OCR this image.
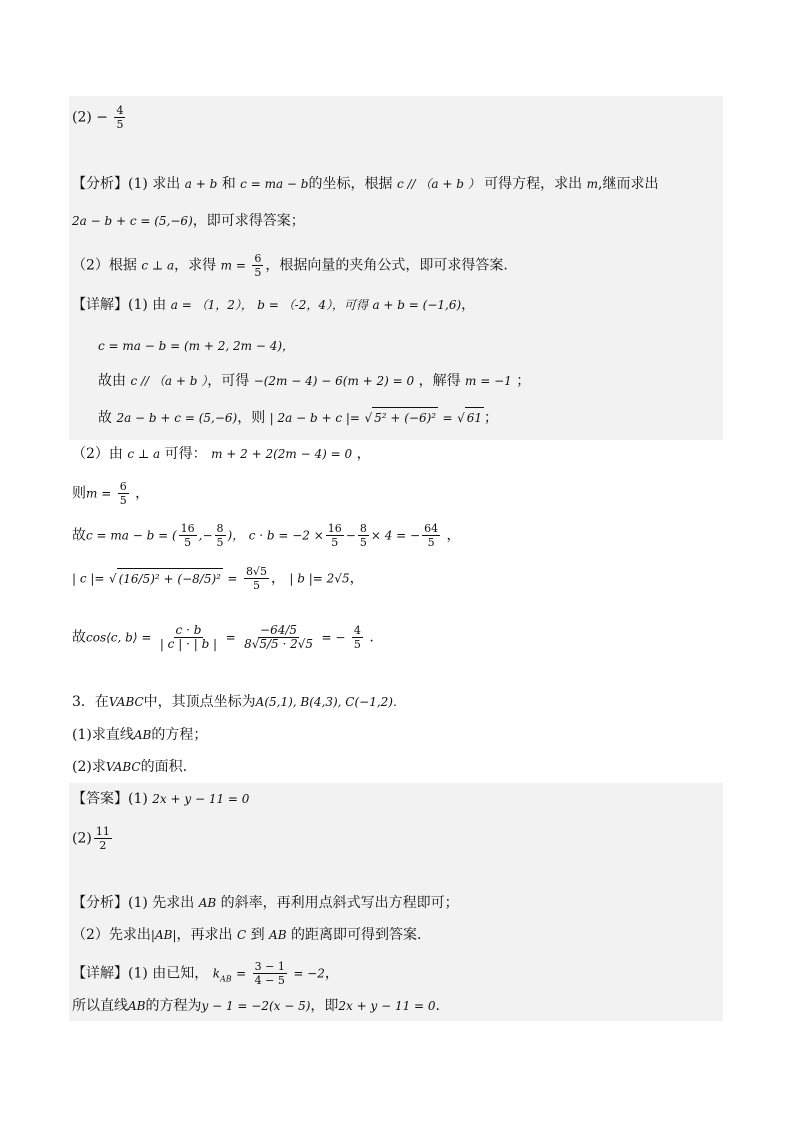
$(2) - \frac{4}{5}$
【分析】(1) 求出 a + b 和 c = ma − b的坐标，根据 c // （a + b ） 可得方程，求出 m,继而求出
2a − b + c = (5,−6)，即可求得答案；
（2）根据 c ⊥ a，求得 $m = \frac{6}{5}$ ，根据向量的夹角公式，即可求得答案.
【详解】(1) 由 a = （1，2）， b = （-2，4），可得 a + b = (−1,6)，
c = ma − b = (m + 2, 2m − 4)，
故由 c // （a + b ），可得 −(2m − 4) − 6(m + 2) = 0 ，解得 m = −1 ；
故 2a − b + c = (5,−6)，则 | 2a − b + c |= √ 5² + (−6)² = √ 61 ；
（2）由 c ⊥ a 可得： m + 2 + 2(2m − 4) = 0 ，
则$m = \frac{6}{5}$ ，
故c = ma − b = ( $\frac{16}{5}$ ,− $\frac{8}{5}$ )， $c \cdot b = -2 \times \frac{16}{5} - \frac{8}{5} \times 4$ = − $\frac{64}{5}$ ，
| c |= √ $(16/5)^2 + (-8/5)^2 = \frac{8√5}{5}$ ， | b |= 2√5，
故cos⟨c, b⟩ = $\frac{c \cdot b}{| c | \cdot | b |} = \frac{-64/5}{8√5/5 \cdot 2√5}$ = − $\frac{4}{5}$ .
3．在VABC中，其顶点坐标为A(5,1), B(4,3), C(−1,2).
(1)求直线AB的方程；
(2)求VABC的面积.
【答案】(1) 2x + y − 11 = 0
$(2) \frac{11}{2}$
【分析】(1) 先求出 AB 的斜率，再利用点斜式写出方程即可；
（2）先求出|AB|，再求出 C 到 AB 的距离即可得到答案.
【详解】(1) 由已知， $k_{AB} = \frac{3 - 1}{4 - 5} = -2$，
所以直线AB的方程为y − 1 = −2(x − 5)，即2x + y − 11 = 0.
